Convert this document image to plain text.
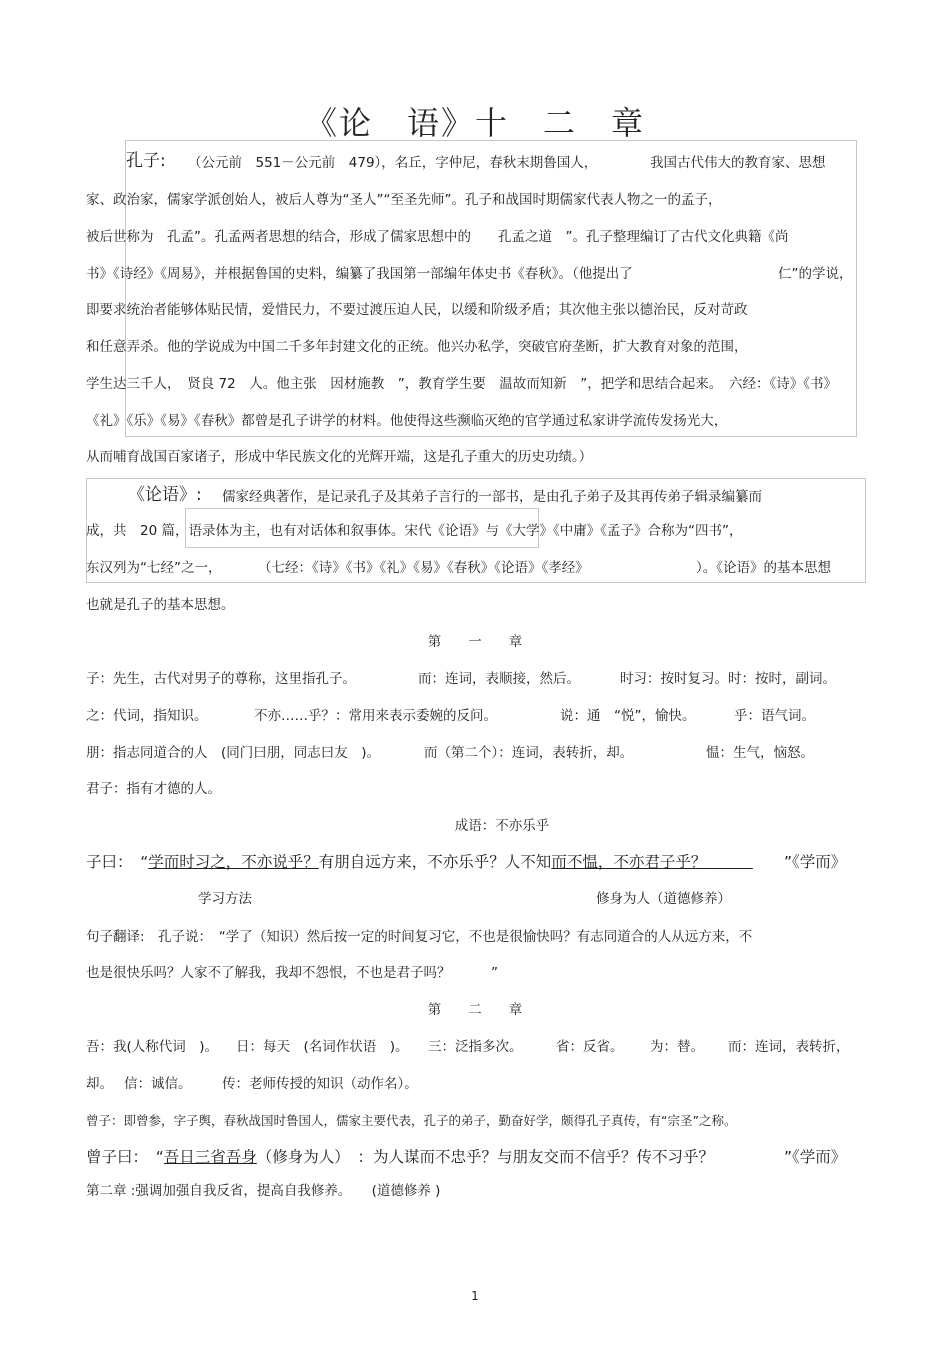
《论　语》十　二　章
孔子: （公元前　551－公元前　479），名丘，字仲尼，春秋末期鲁国人，	我国古代伟大的教育家、思想
家、政治家，儒家学派创始人，被后人尊为“圣人”“至圣先师”。孔子和战国时期儒家代表人物之一的孟子，
被后世称为　孔孟”。孔孟两者思想的结合，形成了儒家思想中的　　孔孟之道　”。孔子整理编订了古代文化典籍《尚
书》《诗经》《周易》，并根据鲁国的史料，编纂了我国第一部编年体史书《春秋》。（他提出了	仁”的学说，
即要求统治者能够体贴民情，爱惜民力，不要过渡压迫人民，以缓和阶级矛盾；其次他主张以德治民，反对苛政
和任意弄杀。他的学说成为中国二千多年封建文化的正统。他兴办私学，突破官府垄断，扩大教育对象的范围，
学生达三千人，　贤良 72　人。他主张　因材施教　”，教育学生要　温故而知新　”，把学和思结合起来。　六经：《诗》《书》
《礼》《乐》《易》《春秋》都曾是孔子讲学的材料。他使得这些濒临灭绝的官学通过私家讲学流传发扬光大，
从而哺育战国百家诸子，形成中华民族文化的光辉开端，这是孔子重大的历史功绩。）
《论语》: 儒家经典著作，是记录孔子及其弟子言行的一部书，是由孔子弟子及其再传弟子辑录编纂而
成，共　20 篇，语录体为主，也有对话体和叙事体。宋代《论语》与《大学》《中庸》《孟子》合称为“四书”，
东汉列为“七经”之一，	（七经：《诗》《书》《礼》《易》《春秋》《论语》《孝经》	）。《论语》的基本思想
也就是孔子的基本思想。
第　　一　　章
子：先生，古代对男子的尊称，这里指孔子。	而：连词，表顺接，然后。	时习：按时复习。时：按时，副词。
之：代词，指知识。	不亦……乎？：常用来表示委婉的反问。	说：通　“悦”，愉快。	乎：语气词。
朋：指志同道合的人　(同门曰朋，同志曰友　)。	而（第二个）：连词，表转折，却。	愠：生气，恼怒。
君子：指有才德的人。
成语：不亦乐乎
子曰：　“学而时习之，不亦说乎？有朋自远方来，不亦乐乎？人不知而不愠，不亦君子乎？　　　	”《学而》
学习方法	修身为人（道德修养）
句子翻译:　孔子说：　“学了（知识）然后按一定的时间复习它，不也是很愉快吗？有志同道合的人从远方来，不
也是很快乐吗？人家不了解我，我却不怨恨，不也是君子吗？　　　”
第　　二　　章
吾：我(人称代词　)。 日：每天　(名词作状语　)。 三：泛指多次。 省：反省。 为：替。 而：连词，表转折，
却。 信：诚信。 传：老师传授的知识（动作名）。
曾子：即曾参，字子舆，春秋战国时鲁国人，儒家主要代表，孔子的弟子，勤奋好学，颇得孔子真传，有“宗圣”之称。
曾子曰：　“吾日三省吾身（修身为人）　：为人谋而不忠乎？与朋友交而不信乎？传不习乎？	”《学而》
第二章 :强调加强自我反省，提高自我修养。　　(道德修养 )
1
